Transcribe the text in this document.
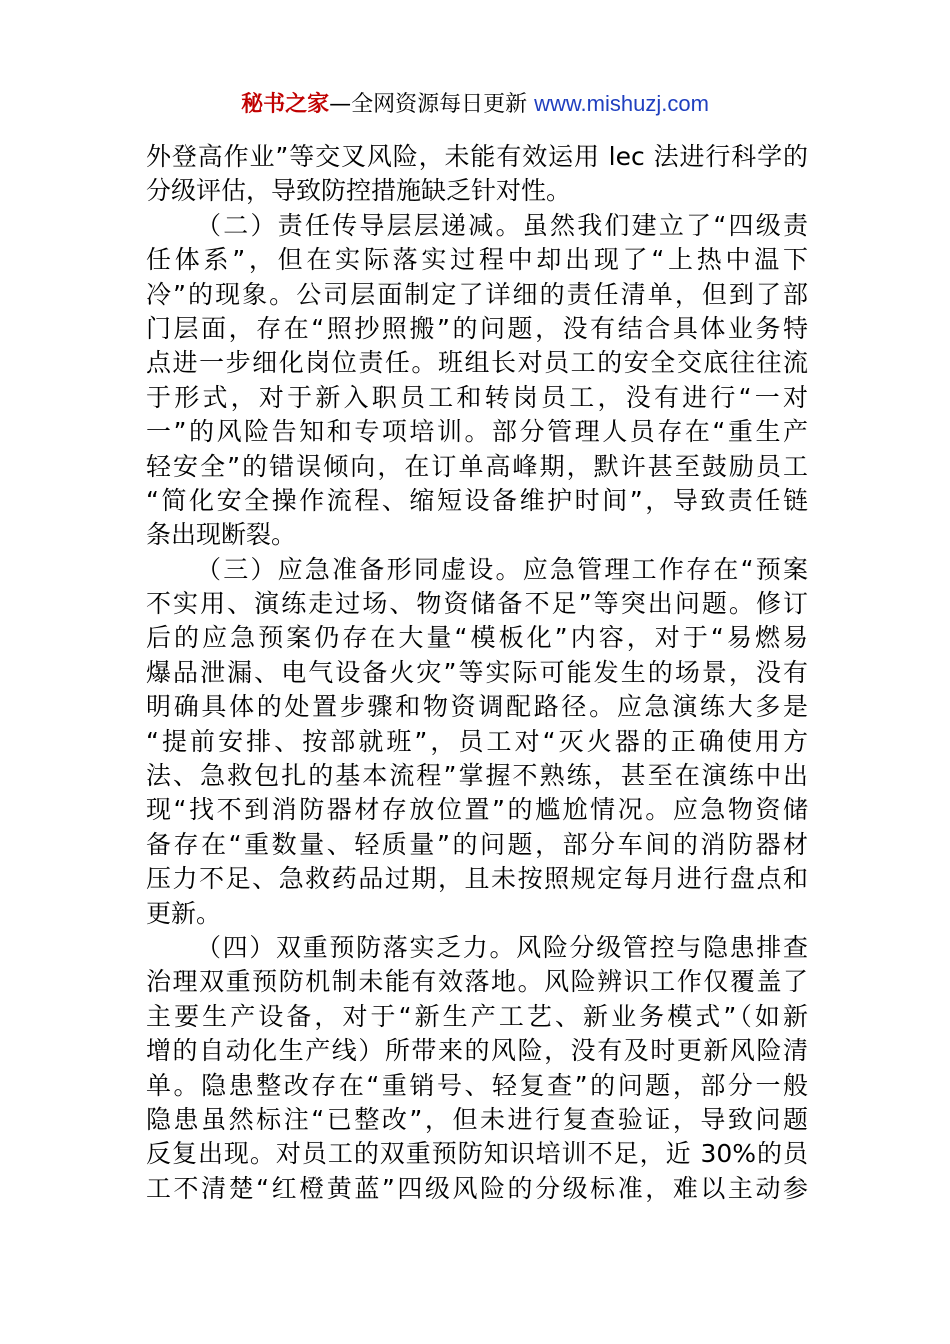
秘书之家—全网资源每日更新 www.mishuzj.com
外登高作业”等交叉风险，未能有效运用 lec 法进行科学的
分级评估，导致防控措施缺乏针对性。
（二）责任传导层层递减。虽然我们建立了“四级责
任体系”，但在实际落实过程中却出现了“上热中温下
冷”的现象。公司层面制定了详细的责任清单，但到了部
门层面，存在“照抄照搬”的问题，没有结合具体业务特
点进一步细化岗位责任。班组长对员工的安全交底往往流
于形式，对于新入职员工和转岗员工，没有进行“一对
一”的风险告知和专项培训。部分管理人员存在“重生产
轻安全”的错误倾向，在订单高峰期，默许甚至鼓励员工
“简化安全操作流程、缩短设备维护时间”，导致责任链
条出现断裂。
（三）应急准备形同虚设。应急管理工作存在“预案
不实用、演练走过场、物资储备不足”等突出问题。修订
后的应急预案仍存在大量“模板化”内容，对于“易燃易
爆品泄漏、电气设备火灾”等实际可能发生的场景，没有
明确具体的处置步骤和物资调配路径。应急演练大多是
“提前安排、按部就班”，员工对“灭火器的正确使用方
法、急救包扎的基本流程”掌握不熟练，甚至在演练中出
现“找不到消防器材存放位置”的尴尬情况。应急物资储
备存在“重数量、轻质量”的问题，部分车间的消防器材
压力不足、急救药品过期，且未按照规定每月进行盘点和
更新。
（四）双重预防落实乏力。风险分级管控与隐患排查
治理双重预防机制未能有效落地。风险辨识工作仅覆盖了
主要生产设备，对于“新生产工艺、新业务模式”（如新
增的自动化生产线）所带来的风险，没有及时更新风险清
单。隐患整改存在“重销号、轻复查”的问题，部分一般
隐患虽然标注“已整改”，但未进行复查验证，导致问题
反复出现。对员工的双重预防知识培训不足，近 30%的员
工不清楚“红橙黄蓝”四级风险的分级标准，难以主动参
